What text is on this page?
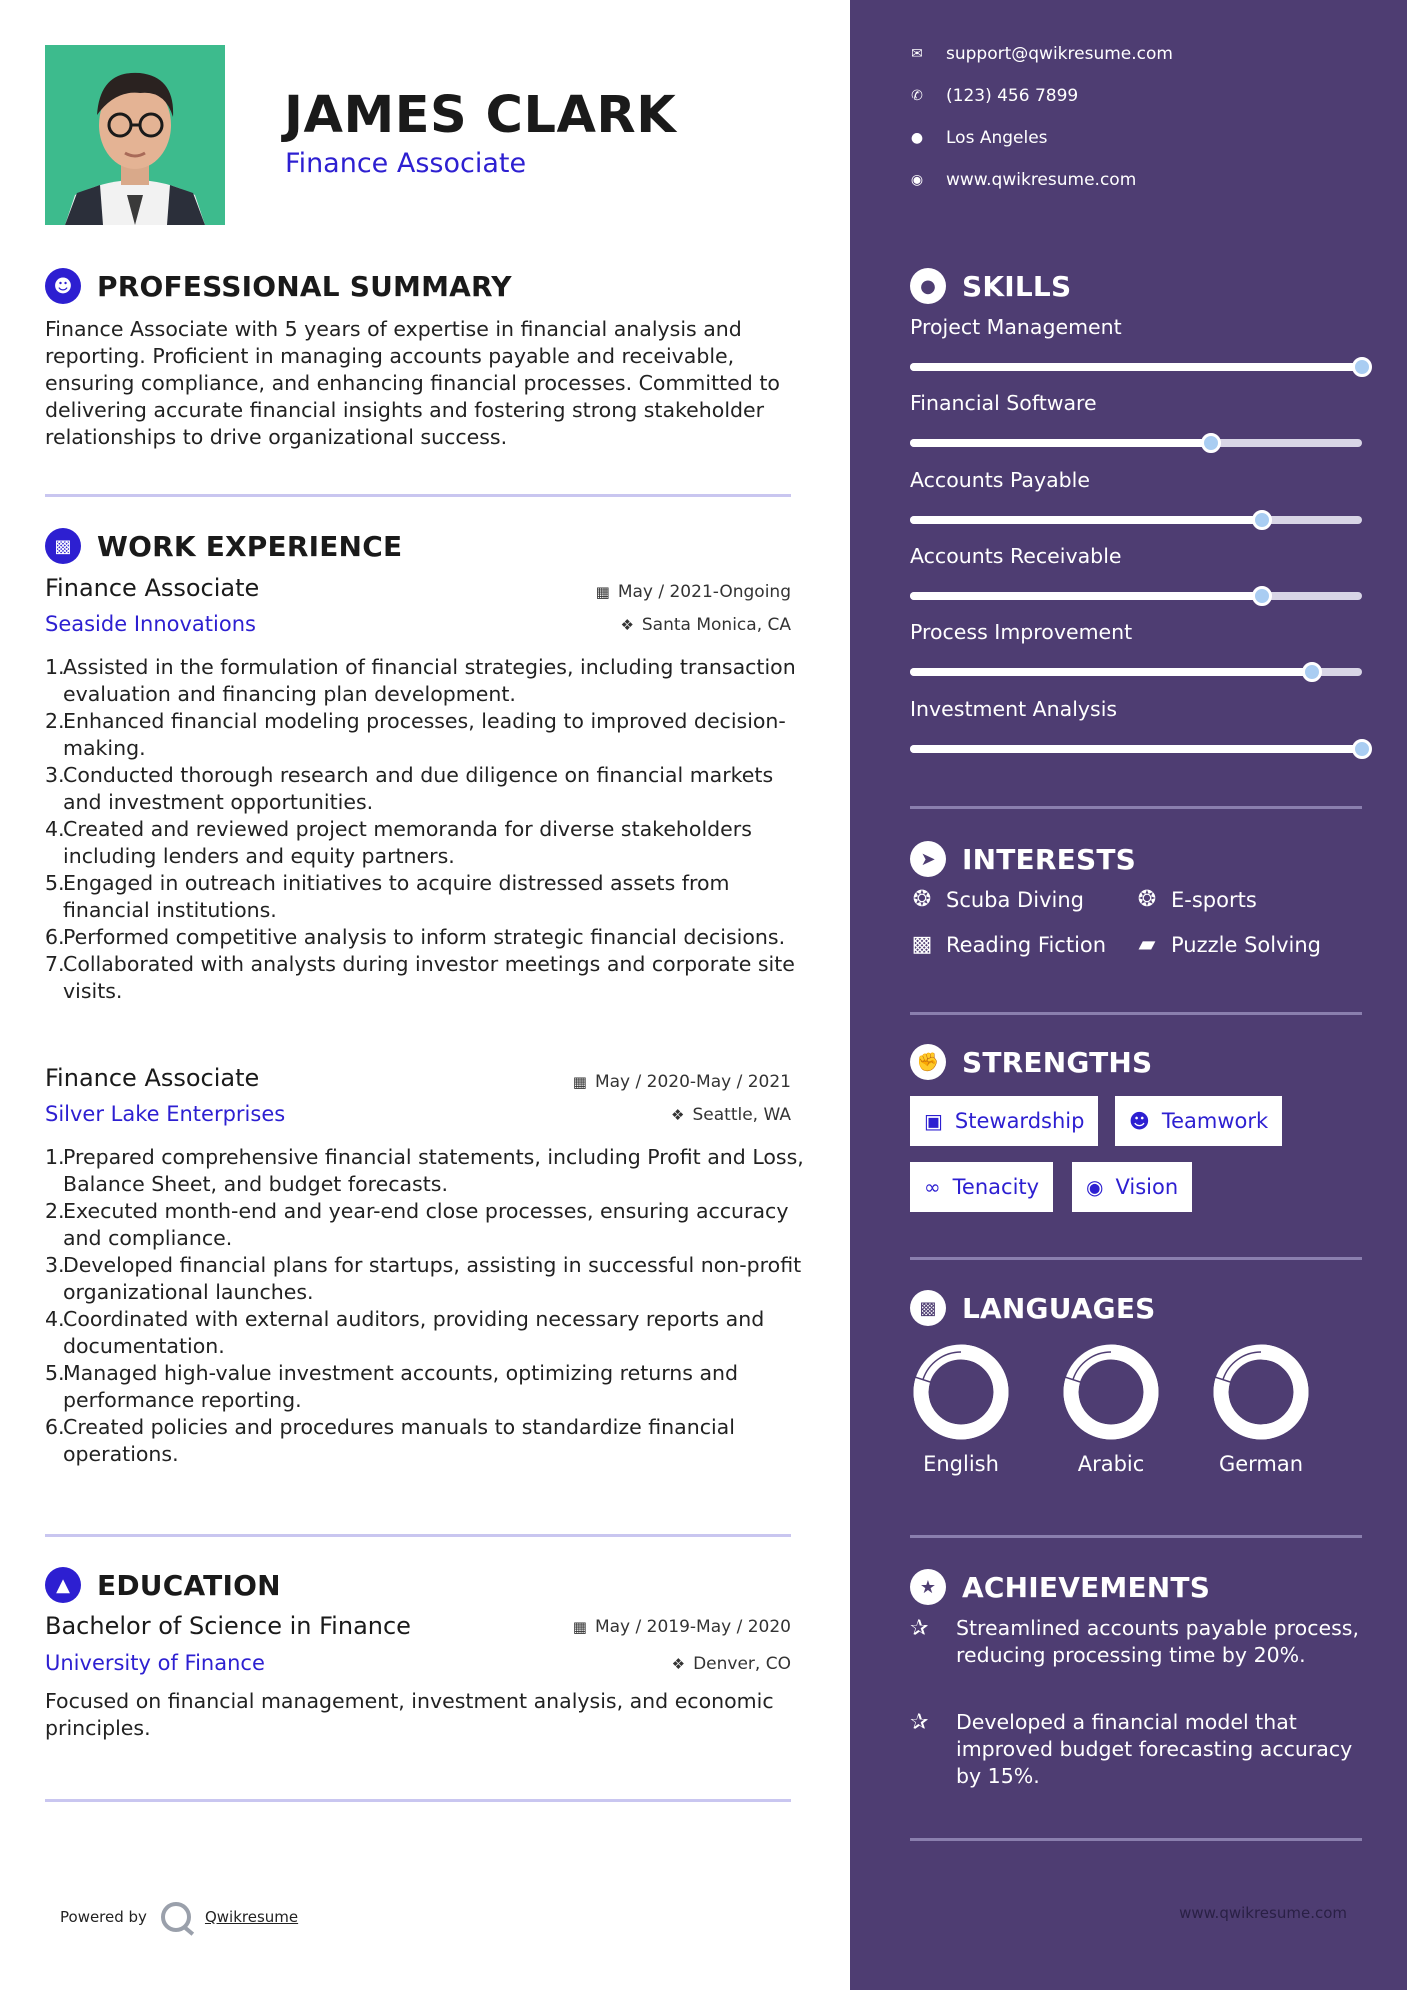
JAMES CLARK
Finance Associate
☻ PROFESSIONAL SUMMARY
Finance Associate with 5 years of expertise in financial analysis and reporting. Proficient in managing accounts payable and receivable, ensuring compliance, and enhancing financial processes. Committed to delivering accurate financial insights and fostering strong stakeholder relationships to drive organizational success.
▩ WORK EXPERIENCE
Finance Associate	▦ May / 2021-Ongoing
Seaside Innovations	❖ Santa Monica, CA
1.
Assisted in the formulation of financial strategies, including transaction evaluation and financing plan development.
2.
Enhanced financial modeling processes, leading to improved decision-making.
3.
Conducted thorough research and due diligence on financial markets and investment opportunities.
4.
Created and reviewed project memoranda for diverse stakeholders including lenders and equity partners.
5.
Engaged in outreach initiatives to acquire distressed assets from financial institutions.
6.
Performed competitive analysis to inform strategic financial decisions.
7.
Collaborated with analysts during investor meetings and corporate site visits.
Finance Associate	▦ May / 2020-May / 2021
Silver Lake Enterprises	❖ Seattle, WA
1.
Prepared comprehensive financial statements, including Profit and Loss, Balance Sheet, and budget forecasts.
2.
Executed month-end and year-end close processes, ensuring accuracy and compliance.
3.
Developed financial plans for startups, assisting in successful non-profit organizational launches.
4.
Coordinated with external auditors, providing necessary reports and documentation.
5.
Managed high-value investment accounts, optimizing returns and performance reporting.
6.
Created policies and procedures manuals to standardize financial operations.
▲ EDUCATION
Bachelor of Science in Finance	▦ May / 2019-May / 2020
University of Finance	❖ Denver, CO
Focused on financial management, investment analysis, and economic principles.
Powered by	Qwikresume
✉ support@qwikresume.com
✆ (123) 456 7899
● Los Angeles
◉ www.qwikresume.com
● SKILLS
Project Management
Financial Software
Accounts Payable
Accounts Receivable
Process Improvement
Investment Analysis
➤ INTERESTS
❂ Scuba Diving ❂ E-sports
▩ Reading Fiction ▰ Puzzle Solving
✊ STRENGTHS
▣ Stewardship ☻ Teamwork
∞ Tenacity ◉ Vision
▩ LANGUAGES
English	Arabic	German
★ ACHIEVEMENTS
✰	Streamlined accounts payable process, reducing processing time by 20%.
✰	Developed a financial model that improved budget forecasting accuracy by 15%.
www.qwikresume.com
